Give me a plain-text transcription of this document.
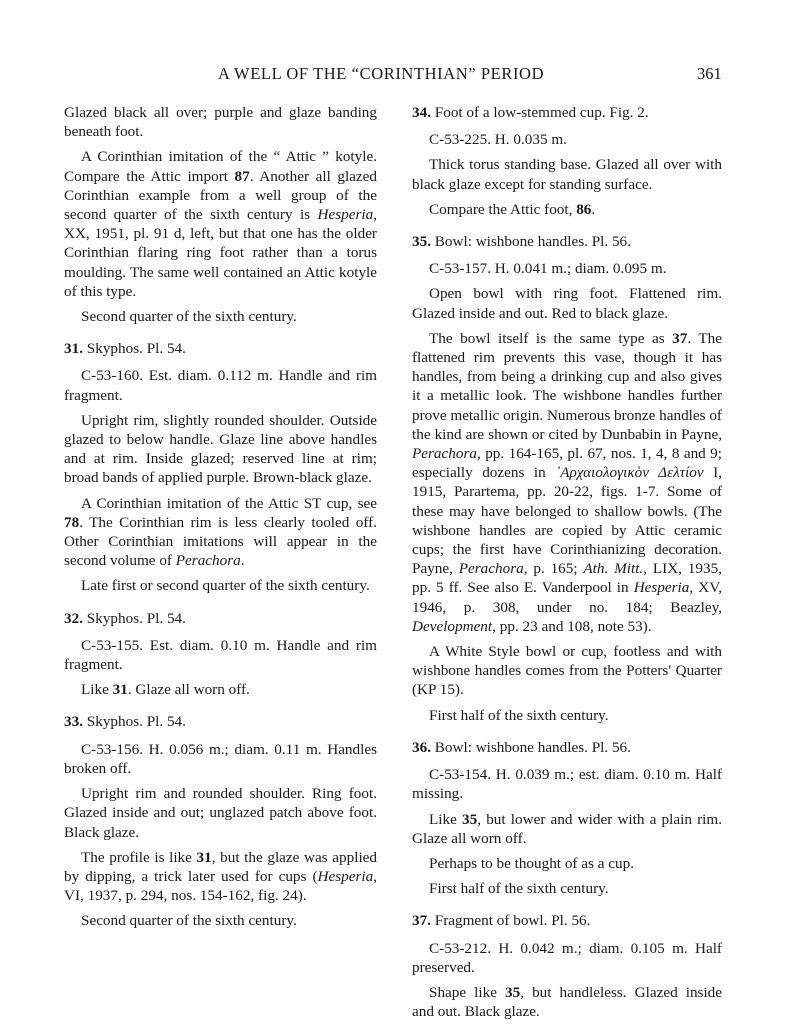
A WELL OF THE “CORINTHIAN” PERIOD	361

Glazed black all over; purple and glaze banding beneath foot.

A Corinthian imitation of the “ Attic ” kotyle. Compare the Attic import 87. Another all glazed Corinthian example from a well group of the second quarter of the sixth century is Hesperia, XX, 1951, pl. 91 d, left, but that one has the older Corinthian flaring ring foot rather than a torus moulding. The same well contained an Attic kotyle of this type.

Second quarter of the sixth century.

31. Skyphos. Pl. 54.

C-53-160. Est. diam. 0.112 m. Handle and rim fragment.

Upright rim, slightly rounded shoulder. Outside glazed to below handle. Glaze line above handles and at rim. Inside glazed; reserved line at rim; broad bands of applied purple. Brown-black glaze.

A Corinthian imitation of the Attic ST cup, see 78. The Corinthian rim is less clearly tooled off. Other Corinthian imitations will appear in the second volume of Perachora.

Late first or second quarter of the sixth century.

32. Skyphos. Pl. 54.

C-53-155. Est. diam. 0.10 m. Handle and rim fragment.

Like 31. Glaze all worn off.

33. Skyphos. Pl. 54.

C-53-156. H. 0.056 m.; diam. 0.11 m. Handles broken off.

Upright rim and rounded shoulder. Ring foot. Glazed inside and out; unglazed patch above foot. Black glaze.

The profile is like 31, but the glaze was applied by dipping, a trick later used for cups (Hesperia, VI, 1937, p. 294, nos. 154-162, fig. 24).

Second quarter of the sixth century.

34. Foot of a low-stemmed cup. Fig. 2.

C-53-225. H. 0.035 m.

Thick torus standing base. Glazed all over with black glaze except for standing surface.

Compare the Attic foot, 86.

35. Bowl: wishbone handles. Pl. 56.

C-53-157. H. 0.041 m.; diam. 0.095 m.

Open bowl with ring foot. Flattened rim. Glazed inside and out. Red to black glaze.

The bowl itself is the same type as 37. The flattened rim prevents this vase, though it has handles, from being a drinking cup and also gives it a metallic look. The wishbone handles further prove metallic origin. Numerous bronze handles of the kind are shown or cited by Dunbabin in Payne, Perachora, pp. 164-165, pl. 67, nos. 1, 4, 8 and 9; especially dozens in ᾽Aρχαιολογικὸν Δελτίον I, 1915, Parartema, pp. 20-22, figs. 1-7. Some of these may have belonged to shallow bowls. (The wishbone handles are copied by Attic ceramic cups; the first have Corinthianizing decoration. Payne, Perachora, p. 165; Ath. Mitt., LIX, 1935, pp. 5 ff. See also E. Vanderpool in Hesperia, XV, 1946, p. 308, under no. 184; Beazley, Development, pp. 23 and 108, note 53).

A White Style bowl or cup, footless and with wishbone handles comes from the Potters' Quarter (KP 15).

First half of the sixth century.

36. Bowl: wishbone handles. Pl. 56.

C-53-154. H. 0.039 m.; est. diam. 0.10 m. Half missing.

Like 35, but lower and wider with a plain rim. Glaze all worn off.

Perhaps to be thought of as a cup.

First half of the sixth century.

37. Fragment of bowl. Pl. 56.

C-53-212. H. 0.042 m.; diam. 0.105 m. Half preserved.

Shape like 35, but handleless. Glazed inside and out. Black glaze.
